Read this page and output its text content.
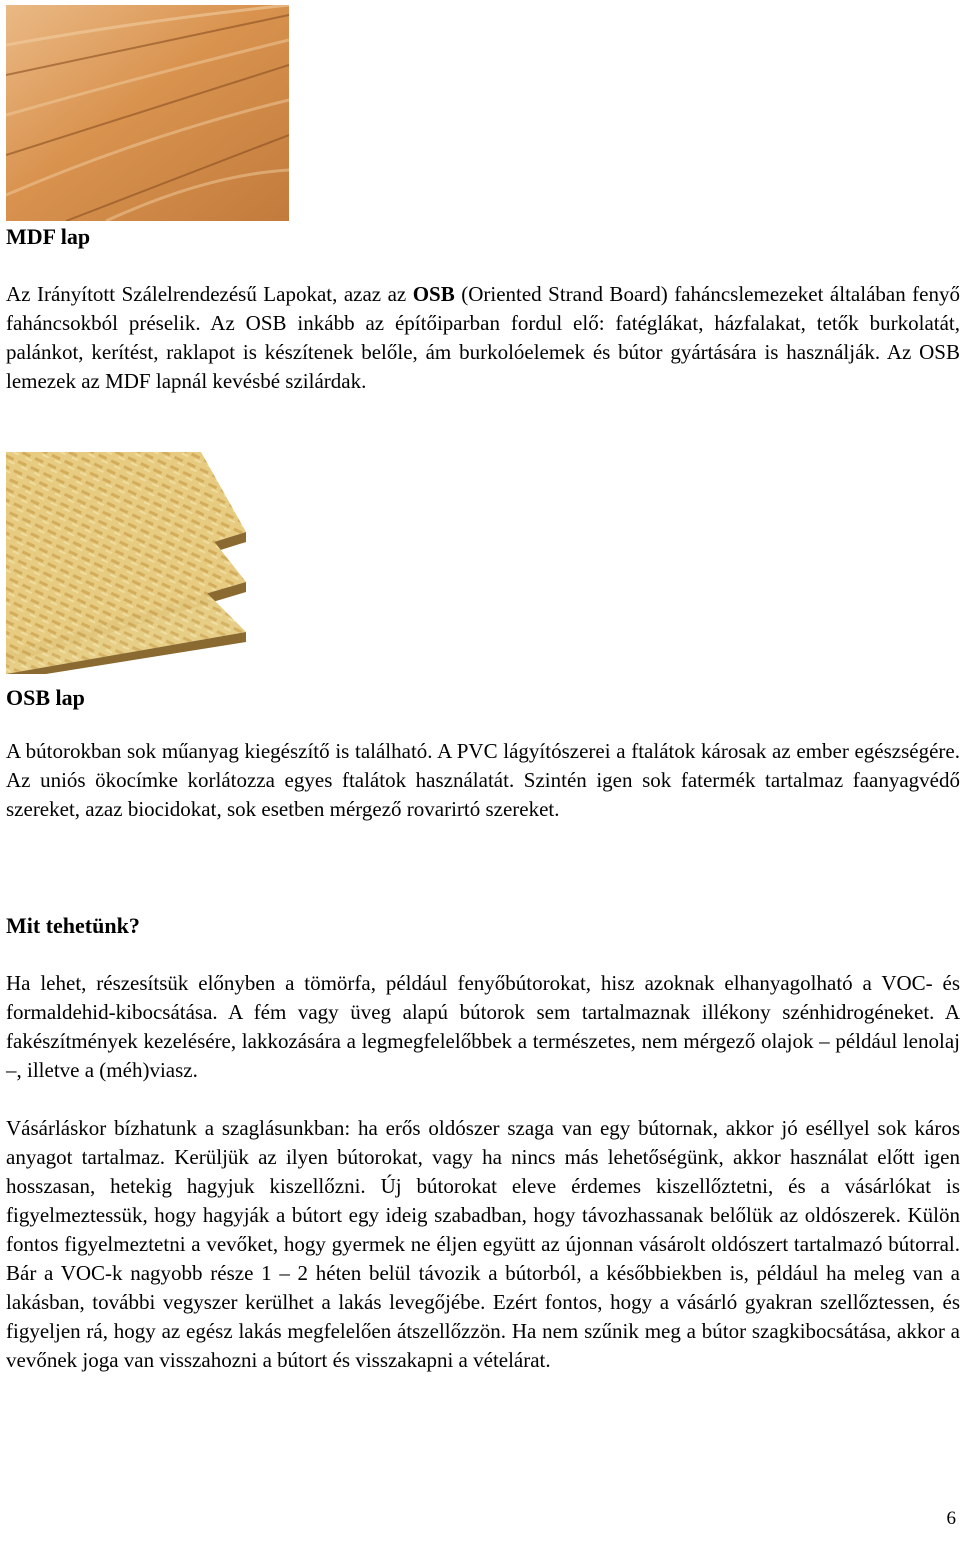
MDF lap

Az Irányított Szálelrendezésű Lapokat, azaz az OSB (Oriented Strand Board) faháncslemezeket általában fenyő faháncsokból préselik. Az OSB inkább az építőiparban fordul elő: fatéglákat, házfalakat, tetők burkolatát, palánkot, kerítést, raklapot is készítenek belőle, ám burkolóelemek és bútor gyártására is használják. Az OSB lemezek az MDF lapnál kevésbé szilárdak.

OSB lap

A bútorokban sok műanyag kiegészítő is található. A PVC lágyítószerei a ftalátok károsak az ember egészségére. Az uniós ökocímke korlátozza egyes ftalátok használatát. Szintén igen sok fatermék tartalmaz faanyagvédő szereket, azaz biocidokat, sok esetben mérgező rovarirtó szereket.

Mit tehetünk?

Ha lehet, részesítsük előnyben a tömörfa, például fenyőbútorokat, hisz azoknak elhanyagolható a VOC- és formaldehid-kibocsátása. A fém vagy üveg alapú bútorok sem tartalmaznak illékony szénhidrogéneket. A fakészítmények kezelésére, lakkozására a legmegfelelőbbek a természetes, nem mérgező olajok – például lenolaj –, illetve a (méh)viasz.

Vásárláskor bízhatunk a szaglásunkban: ha erős oldószer szaga van egy bútornak, akkor jó eséllyel sok káros anyagot tartalmaz. Kerüljük az ilyen bútorokat, vagy ha nincs más lehetőségünk, akkor használat előtt igen hosszasan, hetekig hagyjuk kiszellőzni. Új bútorokat eleve érdemes kiszellőztetni, és a vásárlókat is figyelmeztessük, hogy hagyják a bútort egy ideig szabadban, hogy távozhassanak belőlük az oldószerek. Külön fontos figyelmeztetni a vevőket, hogy gyermek ne éljen együtt az újonnan vásárolt oldószert tartalmazó bútorral. Bár a VOC-k nagyobb része 1 – 2 héten belül távozik a bútorból, a későbbiekben is, például ha meleg van a lakásban, további vegyszer kerülhet a lakás levegőjébe. Ezért fontos, hogy a vásárló gyakran szellőztessen, és figyeljen rá, hogy az egész lakás megfelelően átszellőzzön. Ha nem szűnik meg a bútor szagkibocsátása, akkor a vevőnek joga van visszahozni a bútort és visszakapni a vételárat.

6
